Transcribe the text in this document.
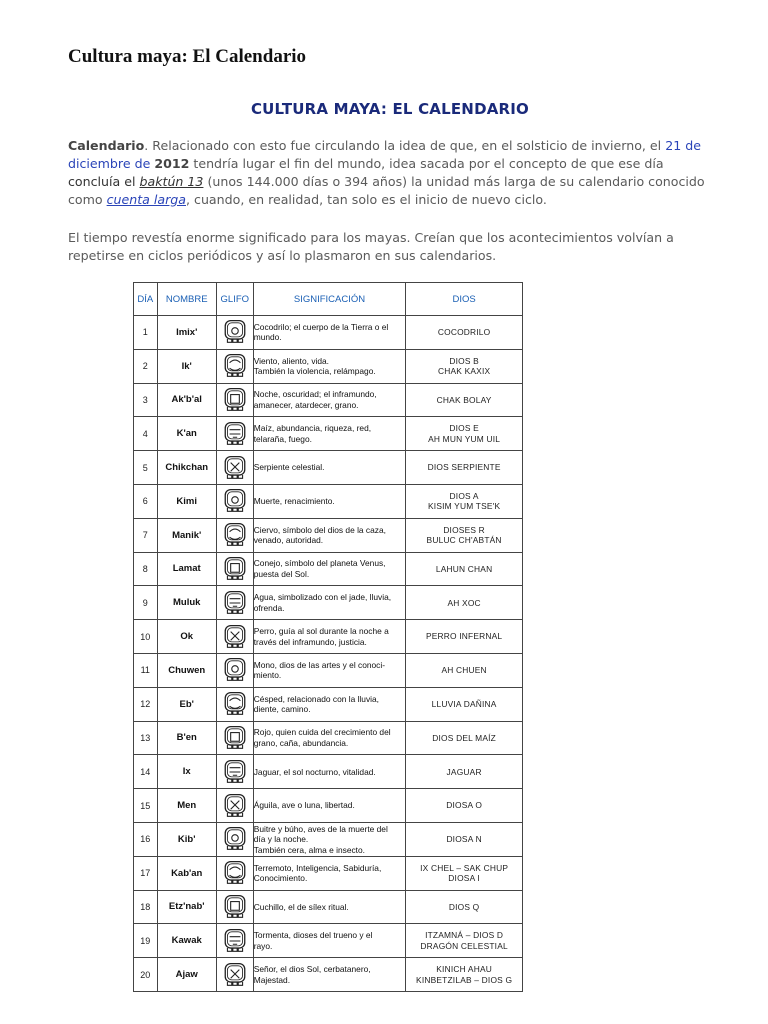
Cultura maya: El Calendario
CULTURA MAYA: EL CALENDARIO
Calendario. Relacionado con esto fue circulando la idea de que, en el solsticio de invierno, el 21 de diciembre de 2012 tendría lugar el fin del mundo, idea sacada por el concepto de que ese día concluía el baktún 13 (unos 144.000 días o 394 años) la unidad más larga de su calendario conocido como cuenta larga, cuando, en realidad, tan solo es el inicio de nuevo ciclo.
El tiempo revestía enorme significado para los mayas. Creían que los acontecimientos volvían a repetirse en ciclos periódicos y así lo plasmaron en sus calendarios.
DÍA	NOMBRE	GLIFO	SIGNIFICACIÓN	DIOS
1	Imix'		Cocodrilo; el cuerpo de la Tierra o el
mundo.	COCODRILO
2	Ik'		Viento, aliento, vida.
También la violencia, relámpago.	DIOS B
CHAK KAXIX
3	Ak'b'al		Noche, oscuridad; el inframundo,
amanecer, atardecer, grano.	CHAK BOLAY
4	K'an		Maíz, abundancia, riqueza, red,
telaraña, fuego.	DIOS E
AH MUN YUM UIL
5	Chikchan		Serpiente celestial.	DIOS SERPIENTE
6	Kimi		Muerte, renacimiento.	DIOS A
KISIM YUM TSE'K
7	Manik'		Ciervo, símbolo del dios de la caza,
venado, autoridad.	DIOSES R
BULUC CH'ABTÁN
8	Lamat		Conejo, símbolo del planeta Venus,
puesta del Sol.	LAHUN CHAN
9	Muluk		Agua, simbolizado con el jade, lluvia,
ofrenda.	AH XOC
10	Ok		Perro, guía al sol durante la noche a
través del inframundo, justicia.	PERRO INFERNAL
11	Chuwen		Mono, dios de las artes y el conoci-
miento.	AH CHUEN
12	Eb'		Césped, relacionado con la lluvia,
diente, camino.	LLUVIA DAÑINA
13	B'en		Rojo, quien cuida del crecimiento del
grano, caña, abundancia.	DIOS DEL MAÍZ
14	Ix		Jaguar, el sol nocturno, vitalidad.	JAGUAR
15	Men		Águila, ave o luna, libertad.	DIOSA O
16	Kib'		Buitre y búho, aves de la muerte del
día y la noche.
También cera, alma e insecto.	DIOSA N
17	Kab'an		Terremoto, Inteligencia, Sabiduría,
Conocimiento.	IX CHEL – SAK CHUP
DIOSA I
18	Etz'nab'		Cuchillo, el de sílex ritual.	DIOS Q
19	Kawak		Tormenta, dioses del trueno y el
rayo.	ITZAMNÁ – DIOS D
DRAGÓN CELESTIAL
20	Ajaw		Señor, el dios Sol, cerbatanero,
Majestad.	KINICH AHAU
KINBETZILAB – DIOS G
